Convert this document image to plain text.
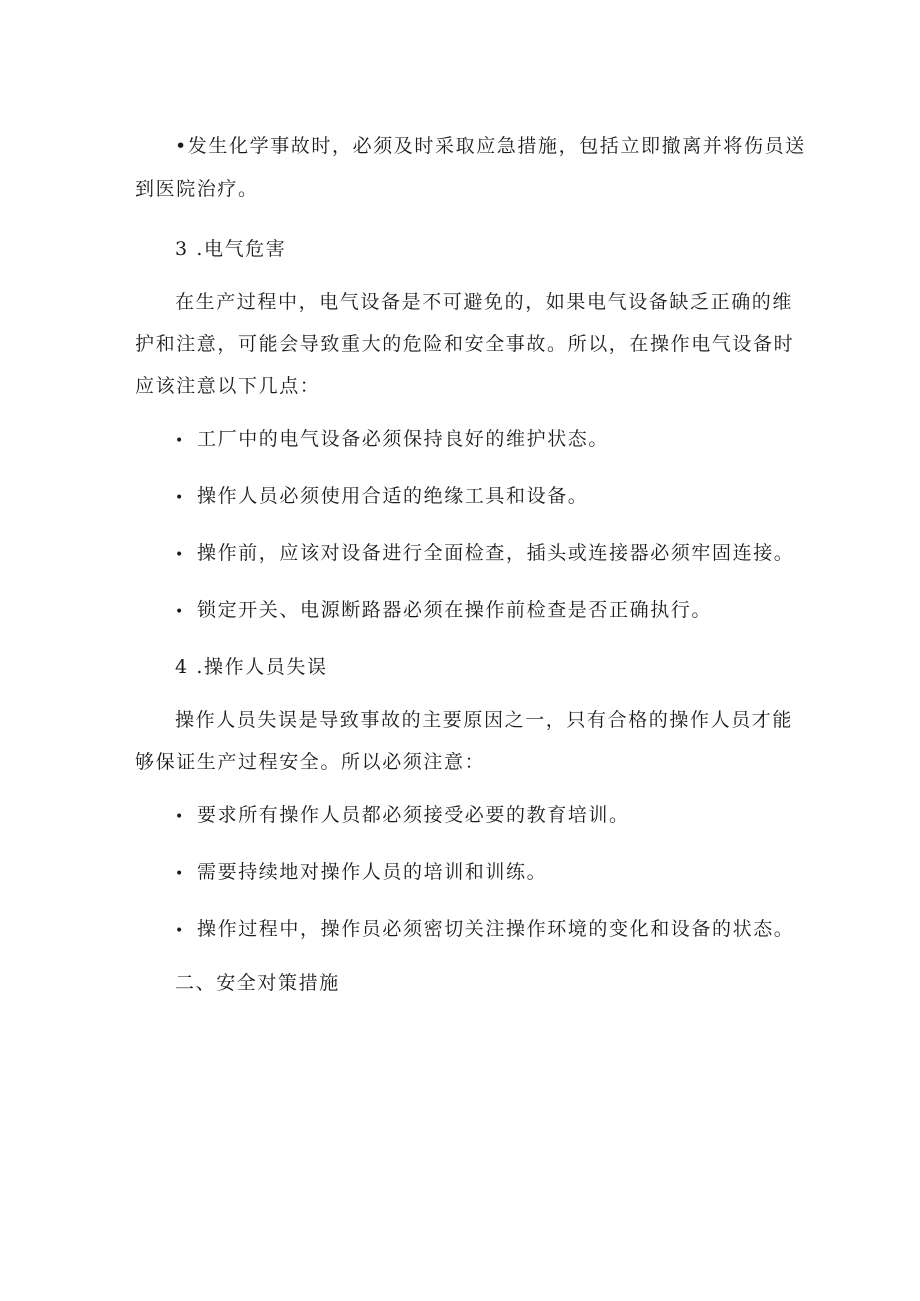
•发生化学事故时，必须及时采取应急措施，包括立即撤离并将伤员送
到医院治疗。
3 .电气危害
在生产过程中，电气设备是不可避免的，如果电气设备缺乏正确的维
护和注意，可能会导致重大的危险和安全事故。所以，在操作电气设备时
应该注意以下几点：
• 工厂中的电气设备必须保持良好的维护状态。
• 操作人员必须使用合适的绝缘工具和设备。
• 操作前，应该对设备进行全面检查，插头或连接器必须牢固连接。
• 锁定开关、电源断路器必须在操作前检查是否正确执行。
4 .操作人员失误
操作人员失误是导致事故的主要原因之一，只有合格的操作人员才能
够保证生产过程安全。所以必须注意：
• 要求所有操作人员都必须接受必要的教育培训。
• 需要持续地对操作人员的培训和训练。
• 操作过程中，操作员必须密切关注操作环境的变化和设备的状态。
二、安全对策措施
